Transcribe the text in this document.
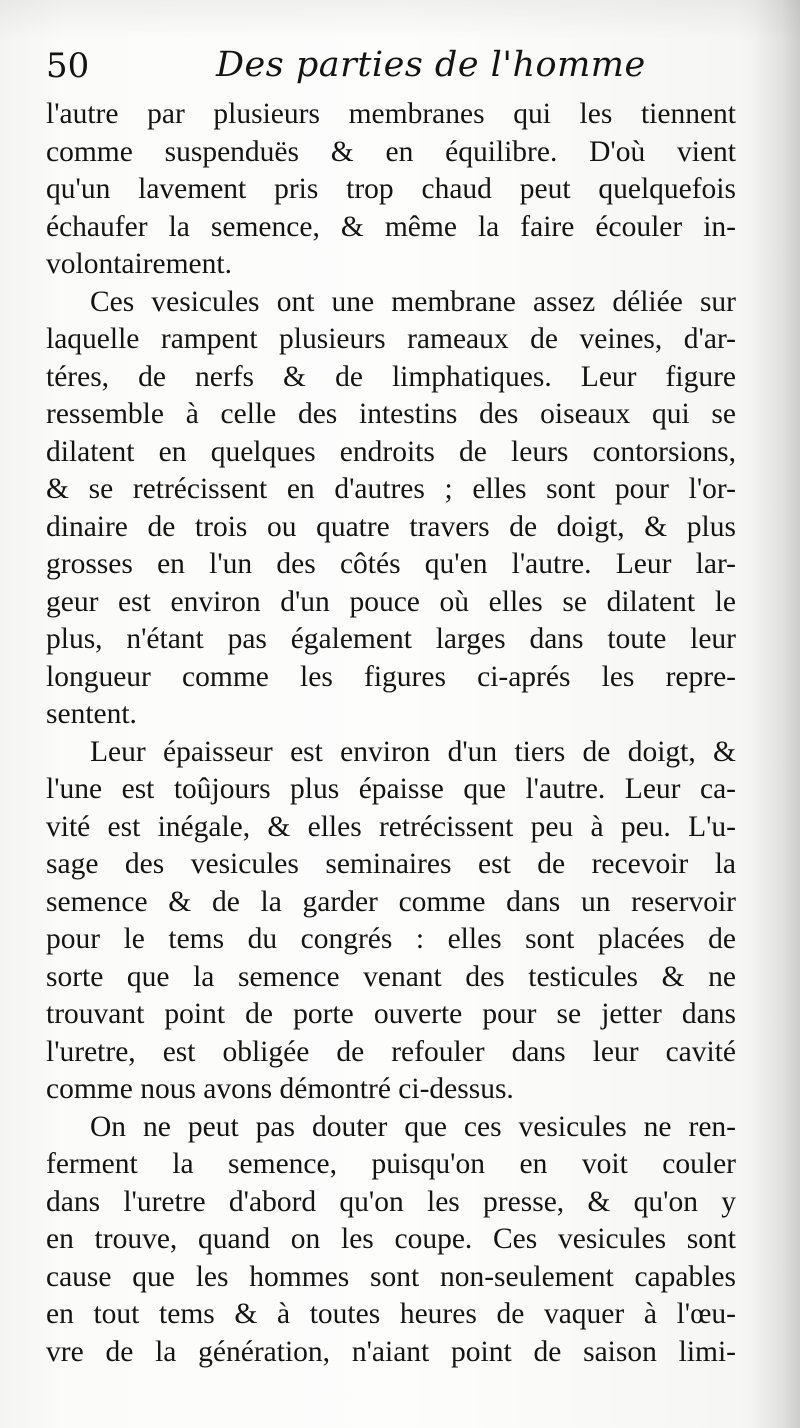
50	Des parties de l'homme
l'autre par plusieurs membranes qui les tiennent
comme suspenduës & en équilibre. D'où vient
qu'un lavement pris trop chaud peut quelquefois
échaufer la semence, & même la faire écouler in-
volontairement.
Ces vesicules ont une membrane assez déliée sur
laquelle rampent plusieurs rameaux de veines, d'ar-
téres, de nerfs & de limphatiques. Leur figure
ressemble à celle des intestins des oiseaux qui se
dilatent en quelques endroits de leurs contorsions,
& se retrécissent en d'autres ; elles sont pour l'or-
dinaire de trois ou quatre travers de doigt, & plus
grosses en l'un des côtés qu'en l'autre. Leur lar-
geur est environ d'un pouce où elles se dilatent le
plus, n'étant pas également larges dans toute leur
longueur comme les figures ci-aprés les repre-
sentent.
Leur épaisseur est environ d'un tiers de doigt, &
l'une est toûjours plus épaisse que l'autre. Leur ca-
vité est inégale, & elles retrécissent peu à peu. L'u-
sage des vesicules seminaires est de recevoir la
semence & de la garder comme dans un reservoir
pour le tems du congrés : elles sont placées de
sorte que la semence venant des testicules & ne
trouvant point de porte ouverte pour se jetter dans
l'uretre, est obligée de refouler dans leur cavité
comme nous avons démontré ci-dessus.
On ne peut pas douter que ces vesicules ne ren-
ferment la semence, puisqu'on en voit couler
dans l'uretre d'abord qu'on les presse, & qu'on y
en trouve, quand on les coupe. Ces vesicules sont
cause que les hommes sont non-seulement capables
en tout tems & à toutes heures de vaquer à l'œu-
vre de la génération, n'aiant point de saison limi-
